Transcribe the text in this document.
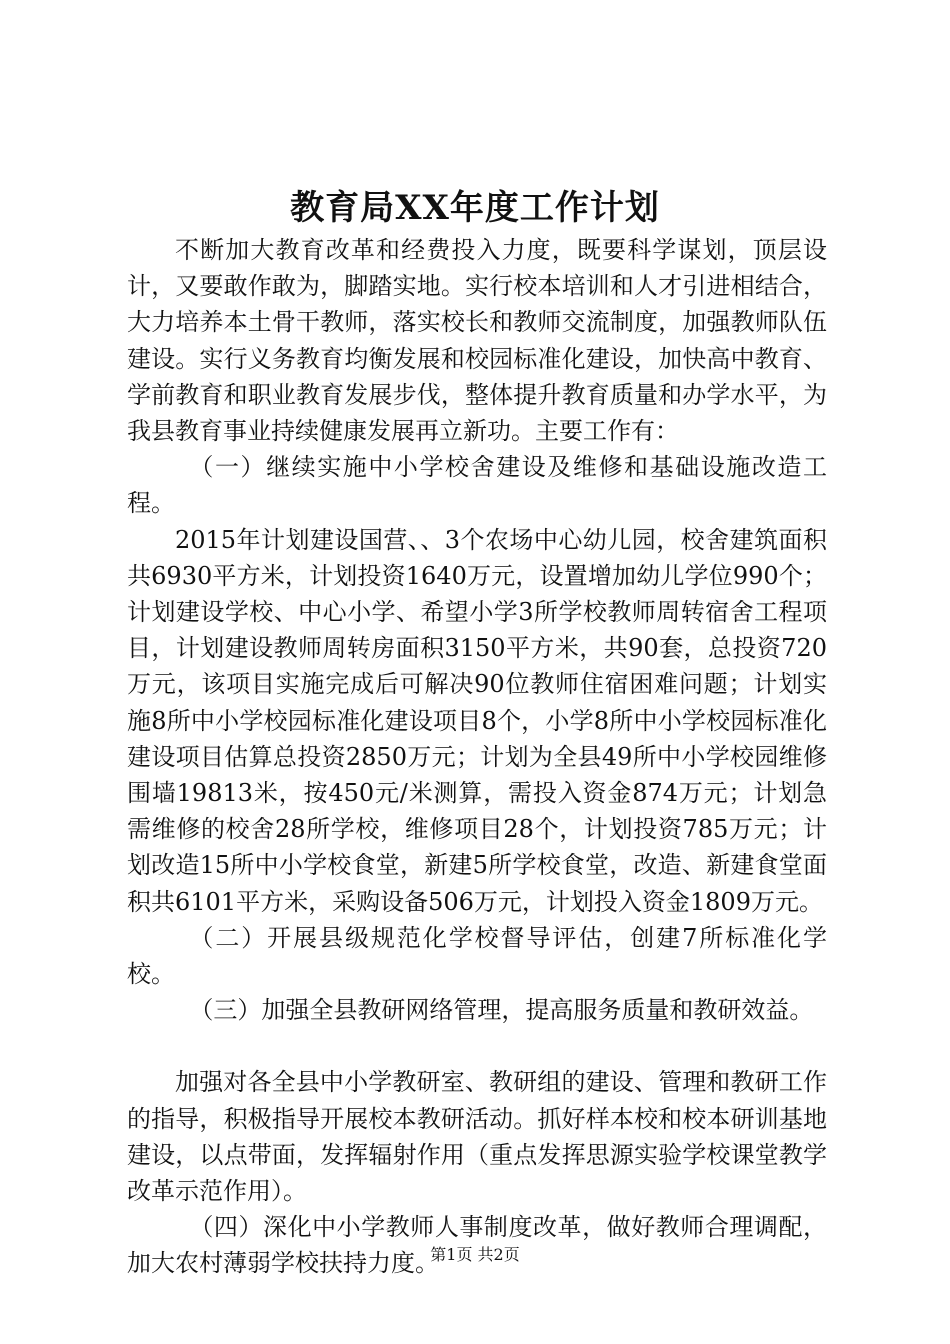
教育局XX年度工作计划

不断加大教育改革和经费投入力度，既要科学谋划，顶层设计，又要敢作敢为，脚踏实地。实行校本培训和人才引进相结合，大力培养本土骨干教师，落实校长和教师交流制度，加强教师队伍建设。实行义务教育均衡发展和校园标准化建设，加快高中教育、学前教育和职业教育发展步伐，整体提升教育质量和办学水平，为我县教育事业持续健康发展再立新功。主要工作有：

（一）继续实施中小学校舍建设及维修和基础设施改造工程。

2015年计划建设国营、、3个农场中心幼儿园，校舍建筑面积共6930平方米，计划投资1640万元，设置增加幼儿学位990个；计划建设学校、中心小学、希望小学3所学校教师周转宿舍工程项目，计划建设教师周转房面积3150平方米，共90套，总投资720万元，该项目实施完成后可解决90位教师住宿困难问题；计划实施8所中小学校园标准化建设项目8个，小学8所中小学校园标准化建设项目估算总投资2850万元；计划为全县49所中小学校园维修围墙19813米，按450元/米测算，需投入资金874万元；计划急需维修的校舍28所学校，维修项目28个，计划投资785万元；计划改造15所中小学校食堂，新建5所学校食堂，改造、新建食堂面积共6101平方米，采购设备506万元，计划投入资金1809万元。

（二）开展县级规范化学校督导评估，创建7所标准化学校。

（三）加强全县教研网络管理，提高服务质量和教研效益。

加强对各全县中小学教研室、教研组的建设、管理和教研工作的指导，积极指导开展校本教研活动。抓好样本校和校本研训基地建设，以点带面，发挥辐射作用（重点发挥思源实验学校课堂教学改革示范作用）。

（四）深化中小学教师人事制度改革，做好教师合理调配，加大农村薄弱学校扶持力度。

第1页 共2页
